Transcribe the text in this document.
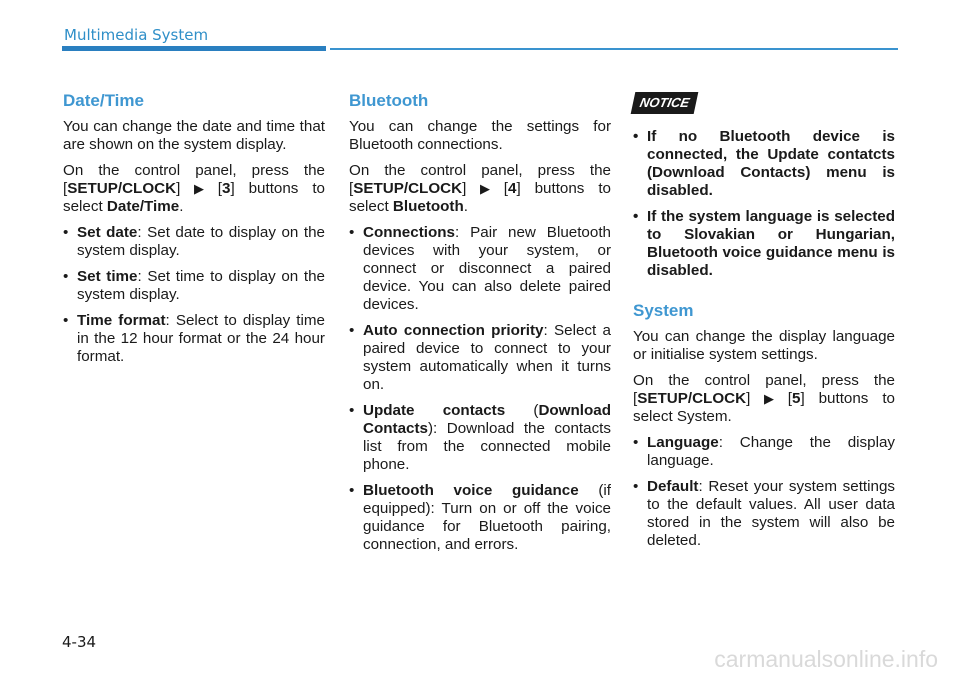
Multimedia System
Date/Time

You can change the date and time that are shown on the system display.

On the control panel, press the [SETUP/CLOCK] ▶ [3] buttons to select Date/Time.

• Set date: Set date to display on the system display.
• Set time: Set time to display on the system display.
• Time format: Select to display time in the 12 hour format or the 24 hour format.
Bluetooth

You can change the settings for Bluetooth connections.

On the control panel, press the [SETUP/CLOCK] ▶ [4] buttons to select Bluetooth.

• Connections: Pair new Bluetooth devices with your system, or connect or disconnect a paired device. You can also delete paired devices.
• Auto connection priority: Select a paired device to connect to your system automatically when it turns on.
• Update contacts (Download Contacts): Download the contacts list from the connected mobile phone.
• Bluetooth voice guidance (if equipped): Turn on or off the voice guidance for Bluetooth pairing, connection, and errors.
NOTICE
• If no Bluetooth device is connected, the Update contatcts (Download Contacts) menu is disabled.
• If the system language is selected to Slovakian or Hungarian, Bluetooth voice guidance menu is disabled.
System

You can change the display language or initialise system settings.

On the control panel, press the [SETUP/CLOCK] ▶ [5] buttons to select System.

• Language: Change the display language.
• Default: Reset your system settings to the default values. All user data stored in the system will also be deleted.
4-34
carmanualsonline.info
